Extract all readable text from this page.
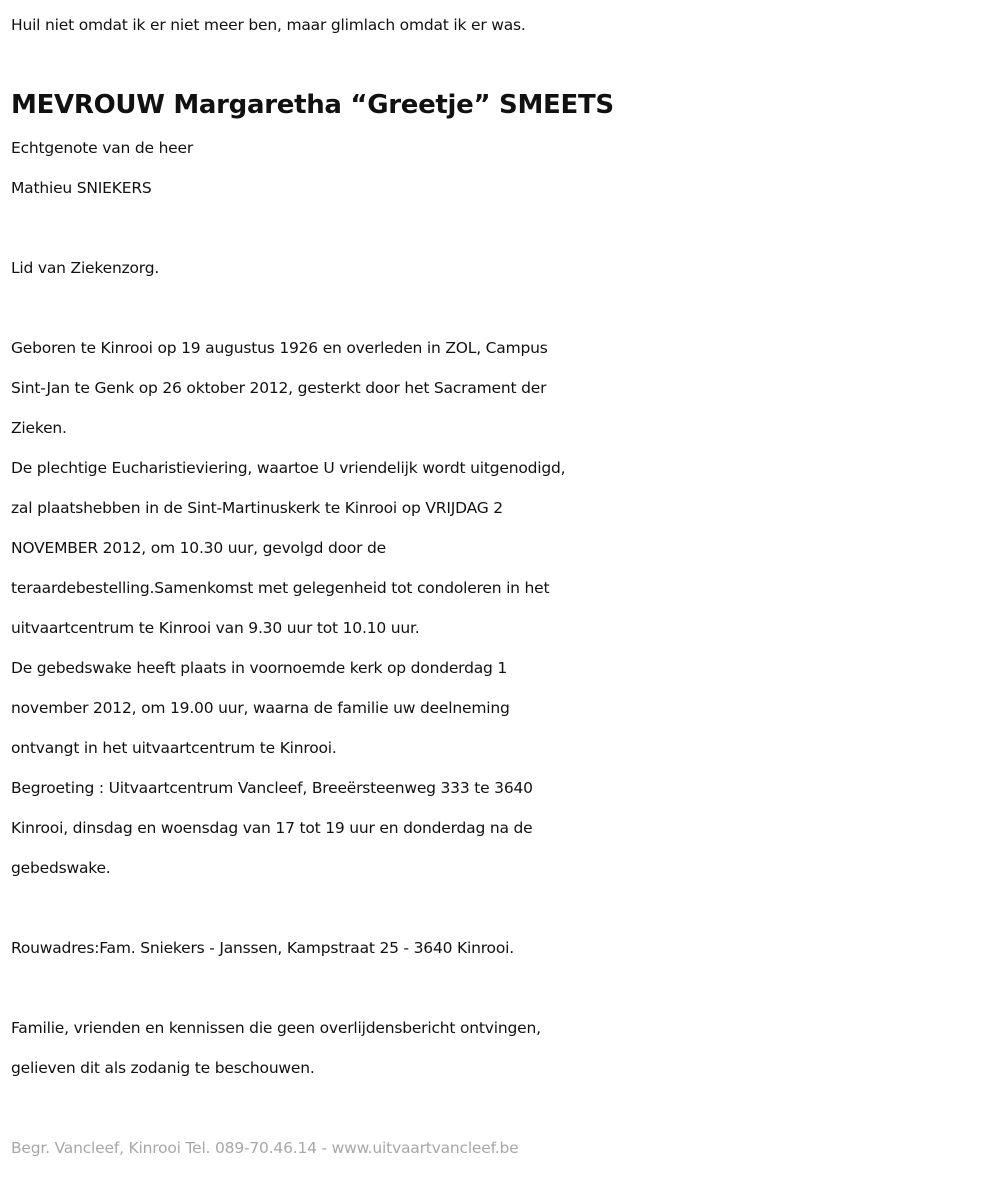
Huil niet omdat ik er niet meer ben, maar glimlach omdat ik er was.
MEVROUW Margaretha “Greetje” SMEETS
Echtgenote van de heer
Mathieu SNIEKERS
Lid van Ziekenzorg.
Geboren te Kinrooi op 19 augustus 1926 en overleden in ZOL, Campus
Sint-Jan te Genk op 26 oktober 2012, gesterkt door het Sacrament der
Zieken.
De plechtige Eucharistieviering, waartoe U vriendelijk wordt uitgenodigd,
zal plaatshebben in de Sint-Martinuskerk te Kinrooi op VRIJDAG 2
NOVEMBER 2012, om 10.30 uur, gevolgd door de
teraardebestelling.Samenkomst met gelegenheid tot condoleren in het
uitvaartcentrum te Kinrooi van 9.30 uur tot 10.10 uur.
De gebedswake heeft plaats in voornoemde kerk op donderdag 1
november 2012, om 19.00 uur, waarna de familie uw deelneming
ontvangt in het uitvaartcentrum te Kinrooi.
Begroeting : Uitvaartcentrum Vancleef, Breeërsteenweg 333 te 3640
Kinrooi, dinsdag en woensdag van 17 tot 19 uur en donderdag na de
gebedswake.
Rouwadres:Fam. Sniekers - Janssen, Kampstraat 25 - 3640 Kinrooi.
Familie, vrienden en kennissen die geen overlijdensbericht ontvingen,
gelieven dit als zodanig te beschouwen.
Begr. Vancleef, Kinrooi Tel. 089-70.46.14 - www.uitvaartvancleef.be
